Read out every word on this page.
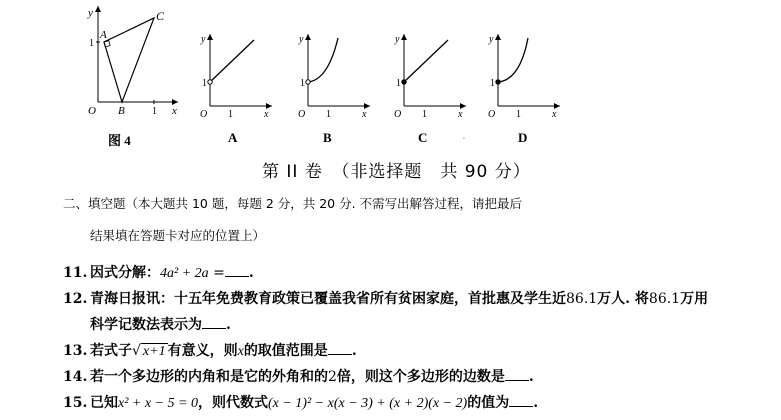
y	C
A
1
O B	1 x
图 4
y
1
O 1	x
A
y
1
O 1	x
B
y
1
O 1	x
C	.
y
1
O 1	x
D
第 II 卷　（非选择题　共 90 分）
二、填空题（本大题共 10 题，每题 2 分，共 20 分. 不需写出解答过程，请把最后
结果填在答题卡对应的位置上）
11. 因式分解：4a² + 2a = .
12. 青海日报讯：十五年免费教育政策已覆盖我省所有贫困家庭，首批惠及学生近86.1万人. 将86.1万用
科学记数法表示为 .
13. 若式子√ x+1 有意义，则x的取值范围是 .
14. 若一个多边形的内角和是它的外角和的2倍，则这个多边形的边数是 .
15. 已知x² + x − 5 = 0，则代数式(x − 1)² − x(x − 3) + (x + 2)(x − 2)的值为 .
